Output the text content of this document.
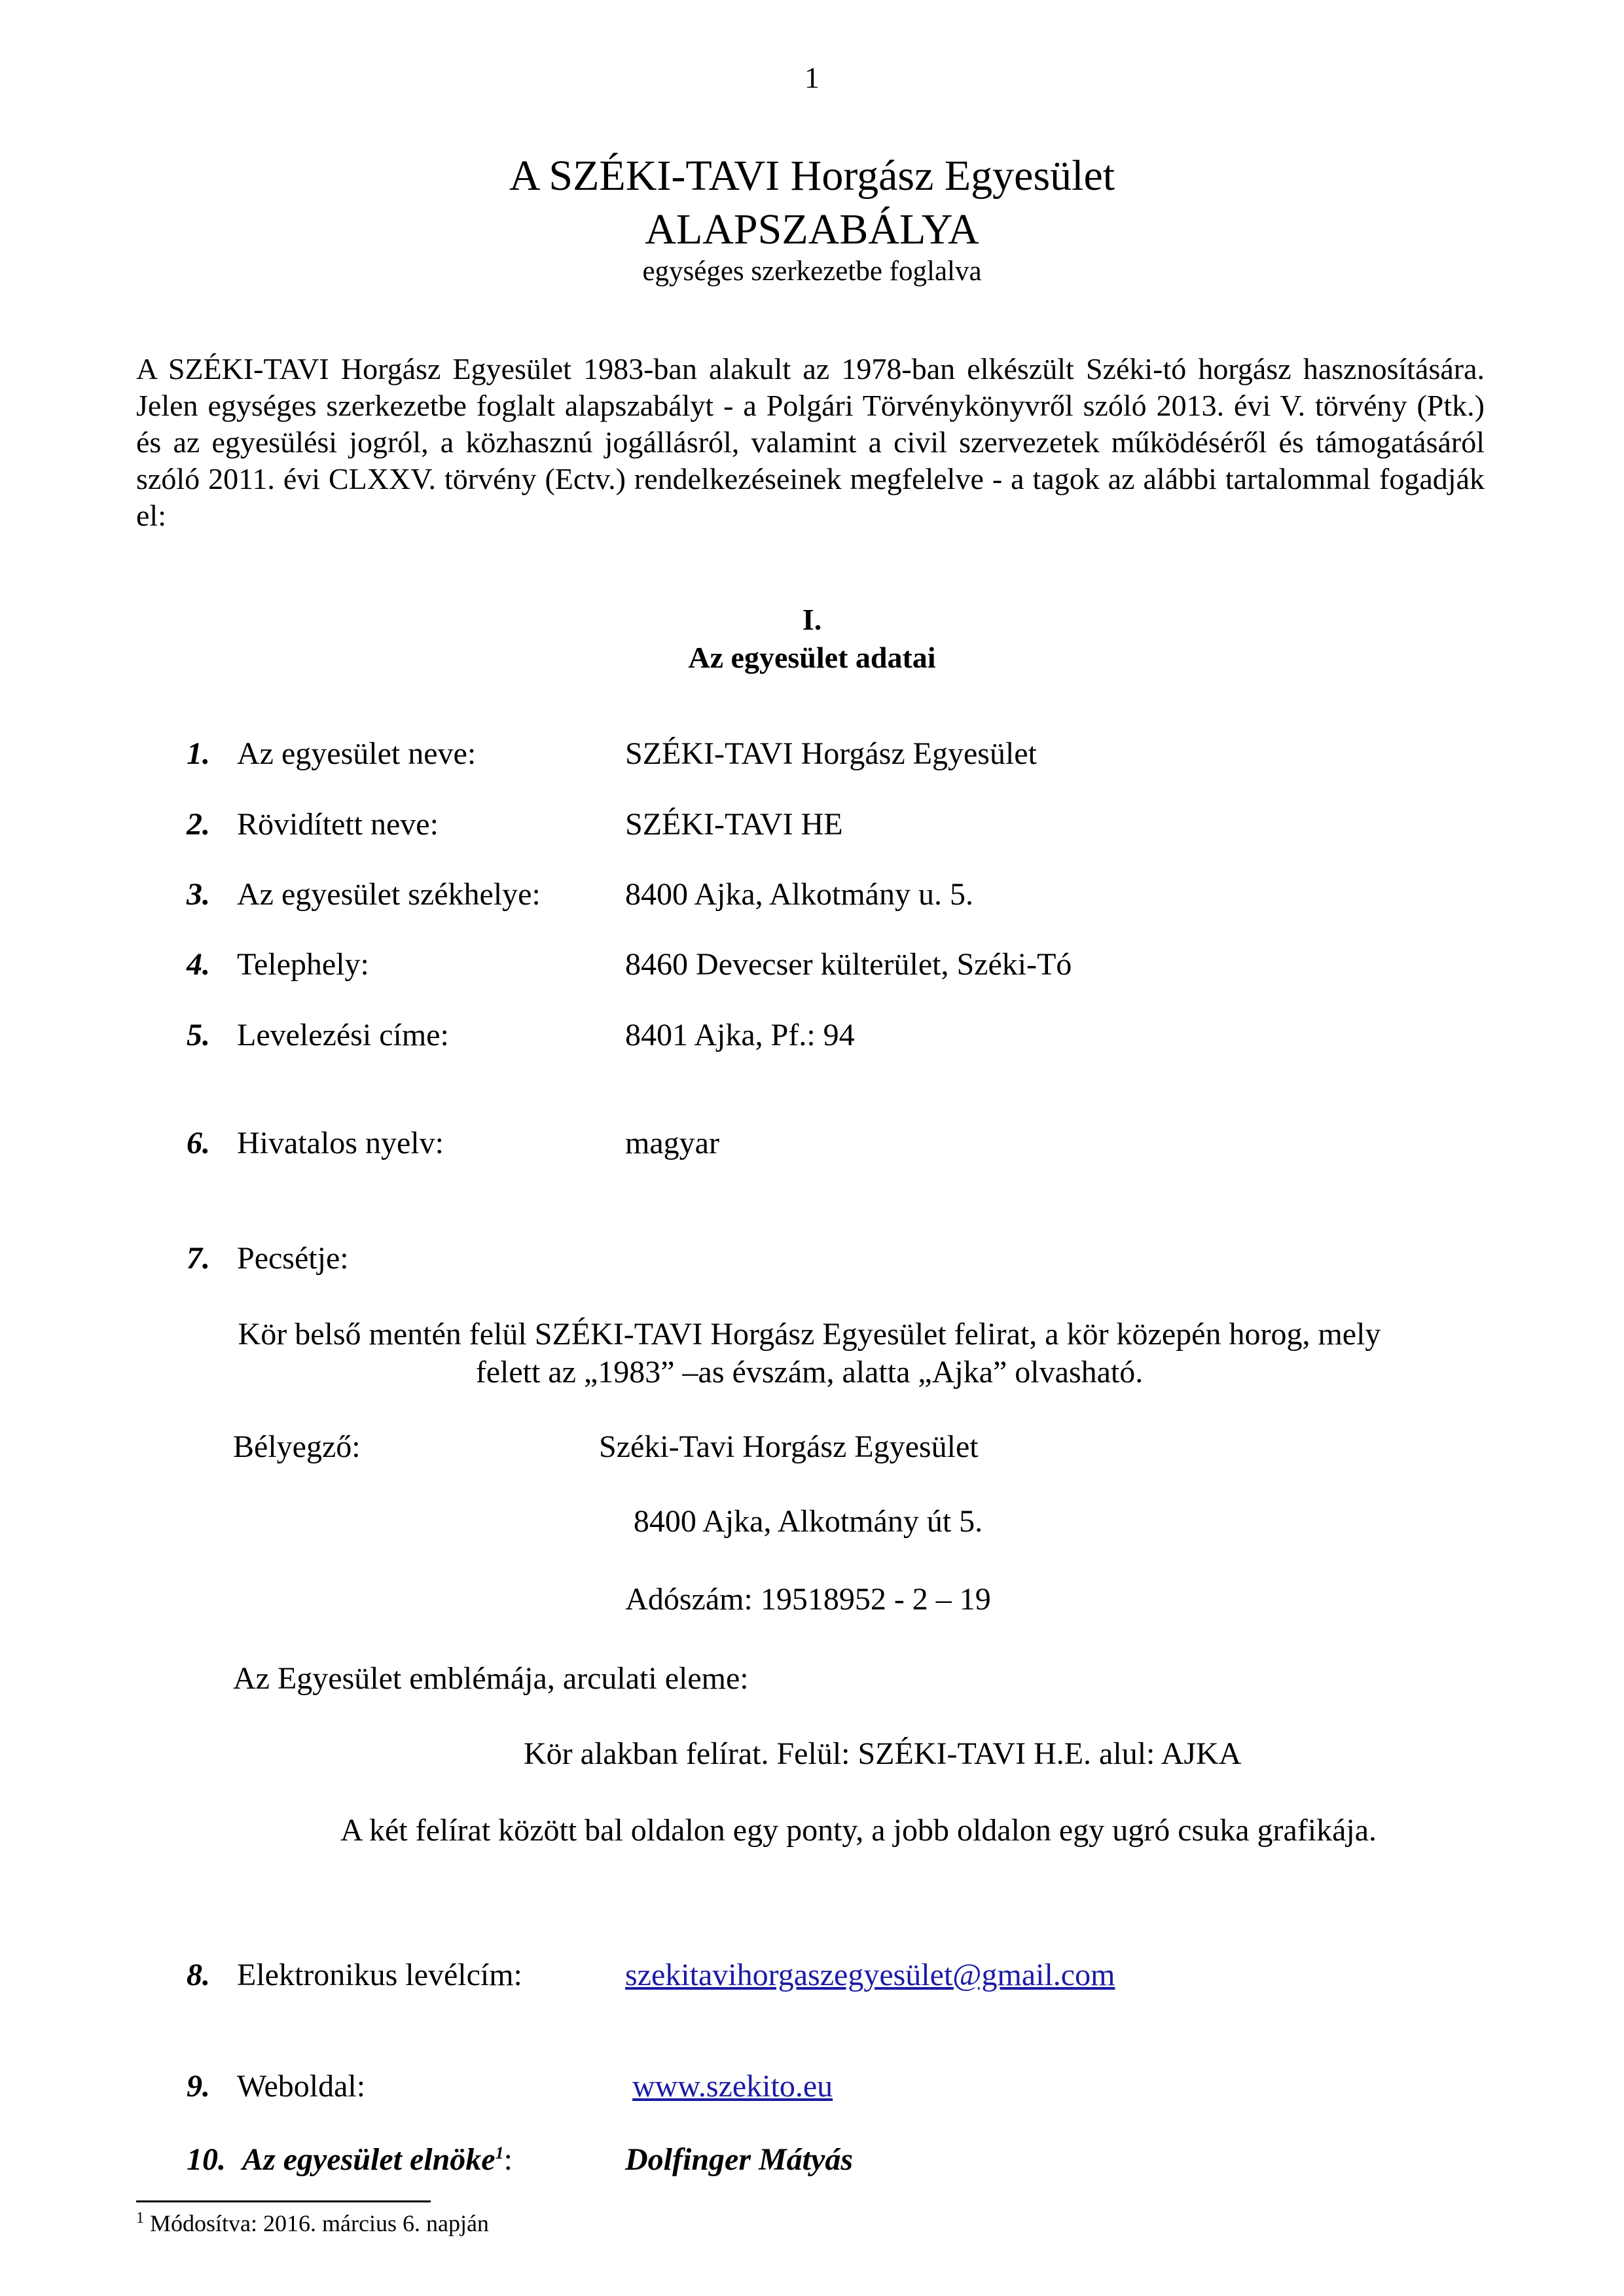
1
A SZÉKI-TAVI Horgász Egyesület
ALAPSZABÁLYA
egységes szerkezetbe foglalva
A SZÉKI-TAVI Horgász Egyesület 1983-ban alakult az 1978-ban elkészült Széki-tó horgász hasznosítására. Jelen egységes szerkezetbe foglalt alapszabályt - a Polgári Törvénykönyvről szóló 2013. évi V. törvény (Ptk.) és az egyesülési jogról, a közhasznú jogállásról, valamint a civil szervezetek működéséről és támogatásáról szóló 2011. évi CLXXV. törvény (Ectv.) rendelkezéseinek megfelelve - a tagok az alábbi tartalommal fogadják el:
I.
Az egyesület adatai
1. Az egyesület neve:	SZÉKI-TAVI Horgász Egyesület
2. Rövidített neve:	SZÉKI-TAVI HE
3. Az egyesület székhelye:	8400 Ajka, Alkotmány u. 5.
4. Telephely:	8460 Devecser külterület, Széki-Tó
5. Levelezési címe:	8401 Ajka, Pf.: 94
6. Hivatalos nyelv:	magyar
7. Pecsétje:
Kör belső mentén felül SZÉKI-TAVI Horgász Egyesület felirat, a kör közepén horog, mely
felett az „1983” –as évszám, alatta „Ajka” olvasható.
Bélyegző:	Széki-Tavi Horgász Egyesület
8400 Ajka, Alkotmány út 5.
Adószám: 19518952 - 2 – 19
Az Egyesület emblémája, arculati eleme:
Kör alakban felírat. Felül: SZÉKI-TAVI H.E. alul: AJKA
A két felírat között bal oldalon egy ponty, a jobb oldalon egy ugró csuka grafikája.
8. Elektronikus levélcím:	szekitavihorgaszegyesület@gmail.com
9. Weboldal:	www.szekito.eu
10. Az egyesület elnöke$^1$:	Dolfinger Mátyás
$^1$ Módosítva: 2016. március 6. napján
